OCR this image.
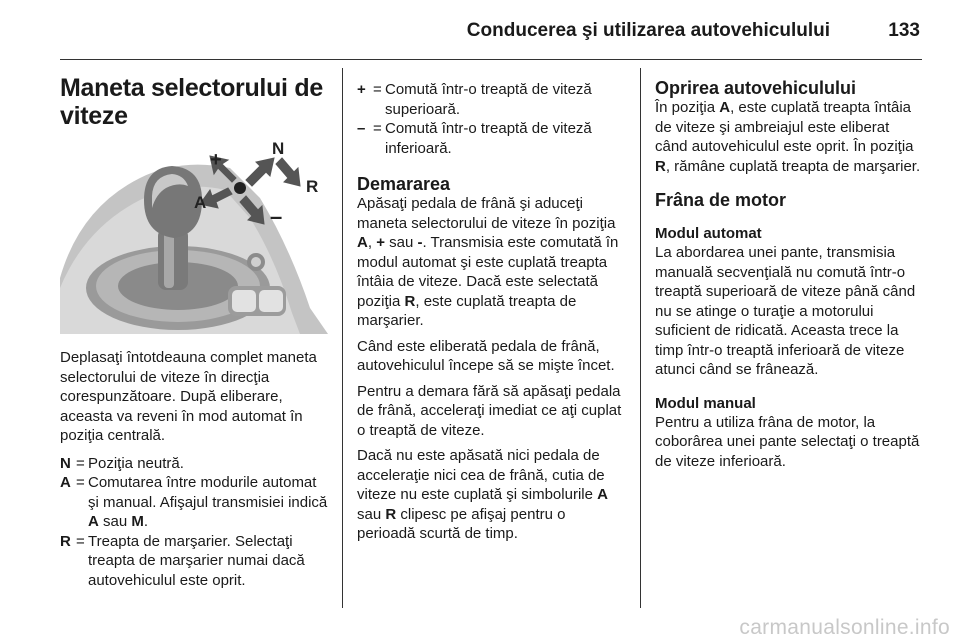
Conducerea şi utilizarea autovehiculului	133
Maneta selectorului de viteze
+
N
R
A
–

Deplasaţi întotdeauna complet maneta selectorului de viteze în direcţia corespunzătoare. După eliberare, aceasta va reveni în mod automat în poziţia centrală.

N = Poziţia neutră.
A = Comutarea între modurile automat şi manual. Afişajul transmisiei indică A sau M.
R = Treapta de marşarier. Selectaţi treapta de marşarier numai dacă autovehiculul este oprit.
+ = Comută într-o treaptă de viteză superioară.
– = Comută într-o treaptă de viteză inferioară.
Demararea

Apăsaţi pedala de frână şi aduceţi maneta selectorului de viteze în poziţia A, + sau -. Transmisia este comutată în modul automat şi este cuplată treapta întâia de viteze. Dacă este selectată poziţia R, este cuplată treapta de marşarier.

Când este eliberată pedala de frână, autovehiculul începe să se mişte încet.

Pentru a demara fără să apăsaţi pedala de frână, acceleraţi imediat ce aţi cuplat o treaptă de viteze.

Dacă nu este apăsată nici pedala de acceleraţie nici cea de frână, cutia de viteze nu este cuplată şi simbolurile A sau R clipesc pe afişaj pentru o perioadă scurtă de timp.

Oprirea autovehiculului

În poziţia A, este cuplată treapta întâia de viteze şi ambreiajul este eliberat când autovehiculul este oprit. În poziţia R, rămâne cuplată treapta de marşarier.

Frâna de motor
Modul automat

La abordarea unei pante, transmisia manuală secvenţială nu comută într-o treaptă superioară de viteze până când nu se atinge o turaţie a motorului suficient de ridicată. Aceasta trece la timp într-o treaptă inferioară de viteze atunci când se frânează.

Modul manual

Pentru a utiliza frâna de motor, la coborârea unei pante selectaţi o treaptă de viteze inferioară.

carmanualsonline.info
